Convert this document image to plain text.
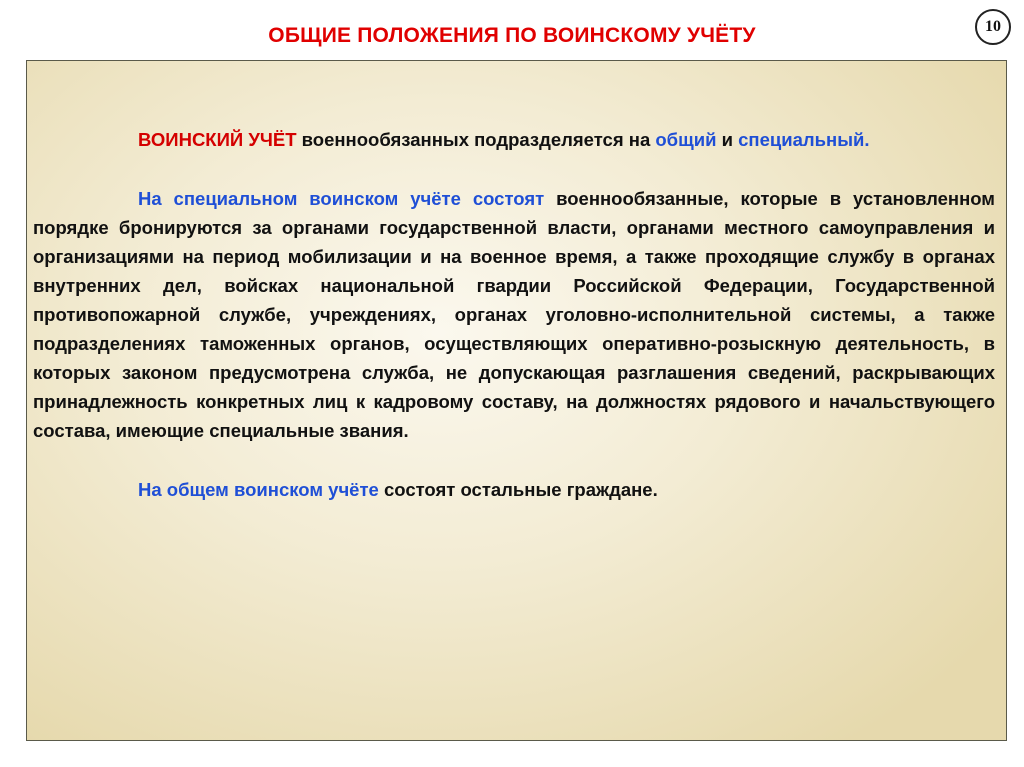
ОБЩИЕ ПОЛОЖЕНИЯ ПО ВОИНСКОМУ УЧЁТУ	10

ВОИНСКИЙ УЧЁТ военнообязанных подразделяется на общий и специальный.

На специальном воинском учёте состоят военнообязанные, которые в установленном порядке бронируются за органами государственной власти, органами местного самоуправления и организациями на период мобилизации и на военное время, а также проходящие службу в органах внутренних дел, войсках национальной гвардии Российской Федерации, Государственной противопожарной службе, учреждениях, органах уголовно-исполнительной системы, а также подразделениях таможенных органов, осуществляющих оперативно-розыскную деятельность, в которых законом предусмотрена служба, не допускающая разглашения сведений, раскрывающих принадлежность конкретных лиц к кадровому составу, на должностях рядового и начальствующего состава, имеющие специальные звания.

На общем воинском учёте состоят остальные граждане.
